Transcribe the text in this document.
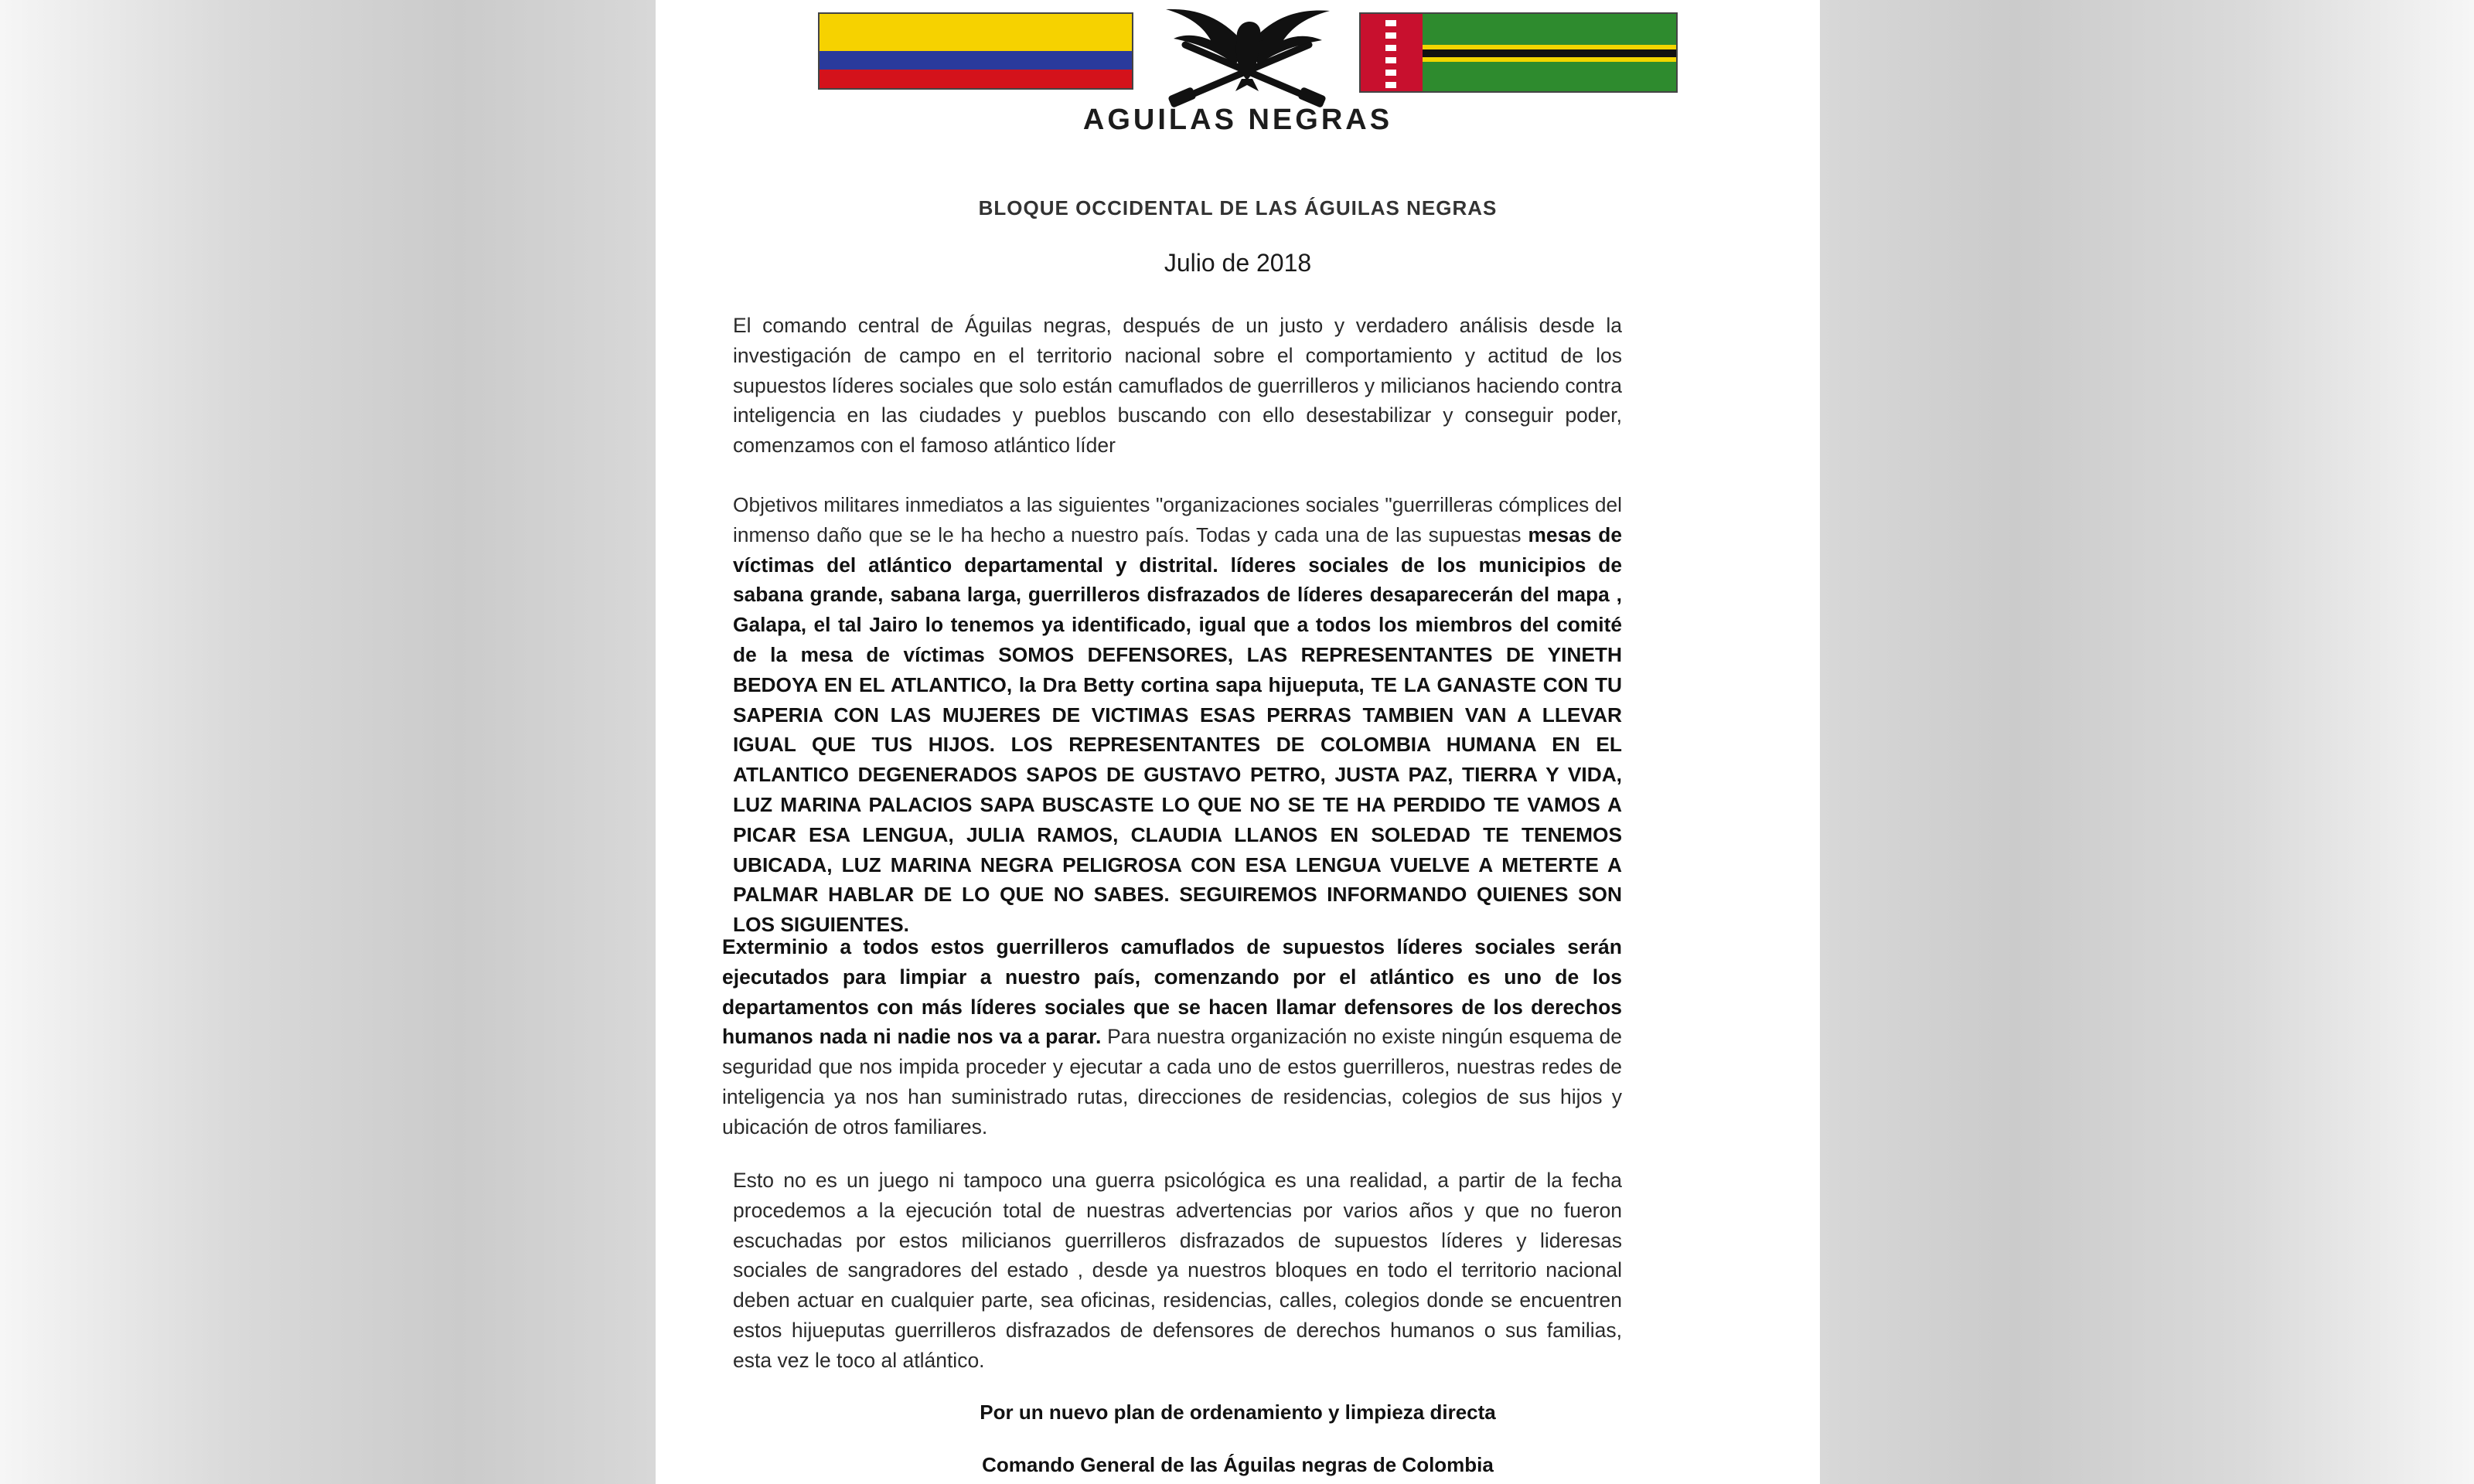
AGUILAS NEGRAS
BLOQUE OCCIDENTAL DE LAS ÁGUILAS NEGRAS
Julio de 2018

El comando central de Águilas negras, después de un justo y verdadero análisis desde la investigación de campo en el territorio nacional sobre el comportamiento y actitud de los supuestos líderes sociales que solo están camuflados de guerrilleros y milicianos haciendo contra inteligencia en las ciudades y pueblos buscando con ello desestabilizar y conseguir poder, comenzamos con el famoso atlántico líder

Objetivos militares inmediatos a las siguientes "organizaciones sociales "guerrilleras cómplices del inmenso daño que se le ha hecho a nuestro país. Todas y cada una de las supuestas mesas de víctimas del atlántico departamental y distrital. líderes sociales de los municipios de sabana grande, sabana larga, guerrilleros disfrazados de líderes desaparecerán del mapa , Galapa, el tal Jairo lo tenemos ya identificado, igual que a todos los miembros del comité de la mesa de víctimas SOMOS DEFENSORES, LAS REPRESENTANTES DE YINETH BEDOYA EN EL ATLANTICO, la Dra Betty cortina sapa hijueputa, TE LA GANASTE CON TU SAPERIA CON LAS MUJERES DE VICTIMAS ESAS PERRAS TAMBIEN VAN A LLEVAR IGUAL QUE TUS HIJOS. LOS REPRESENTANTES DE COLOMBIA HUMANA EN EL ATLANTICO DEGENERADOS SAPOS DE GUSTAVO PETRO, JUSTA PAZ, TIERRA Y VIDA, LUZ MARINA PALACIOS SAPA BUSCASTE LO QUE NO SE TE HA PERDIDO TE VAMOS A PICAR ESA LENGUA, JULIA RAMOS, CLAUDIA LLANOS EN SOLEDAD TE TENEMOS UBICADA, LUZ MARINA NEGRA PELIGROSA CON ESA LENGUA VUELVE A METERTE A PALMAR HABLAR DE LO QUE NO SABES. SEGUIREMOS INFORMANDO QUIENES SON LOS SIGUIENTES.

Exterminio a todos estos guerrilleros camuflados de supuestos líderes sociales serán ejecutados para limpiar a nuestro país, comenzando por el atlántico es uno de los departamentos con más líderes sociales que se hacen llamar defensores de los derechos humanos nada ni nadie nos va a parar. Para nuestra organización no existe ningún esquema de seguridad que nos impida proceder y ejecutar a cada uno de estos guerrilleros, nuestras redes de inteligencia ya nos han suministrado rutas, direcciones de residencias, colegios de sus hijos y ubicación de otros familiares.

Esto no es un juego ni tampoco una guerra psicológica es una realidad, a partir de la fecha procedemos a la ejecución total de nuestras advertencias por varios años y que no fueron escuchadas por estos milicianos guerrilleros disfrazados de supuestos líderes y lideresas sociales de sangradores del estado , desde ya nuestros bloques en todo el territorio nacional deben actuar en cualquier parte, sea oficinas, residencias, calles, colegios donde se encuentren estos hijueputas guerrilleros disfrazados de defensores de derechos humanos o sus familias, esta vez le toco al atlántico.

Por un nuevo plan de ordenamiento y limpieza directa
Comando General de las Águilas negras de Colombia
